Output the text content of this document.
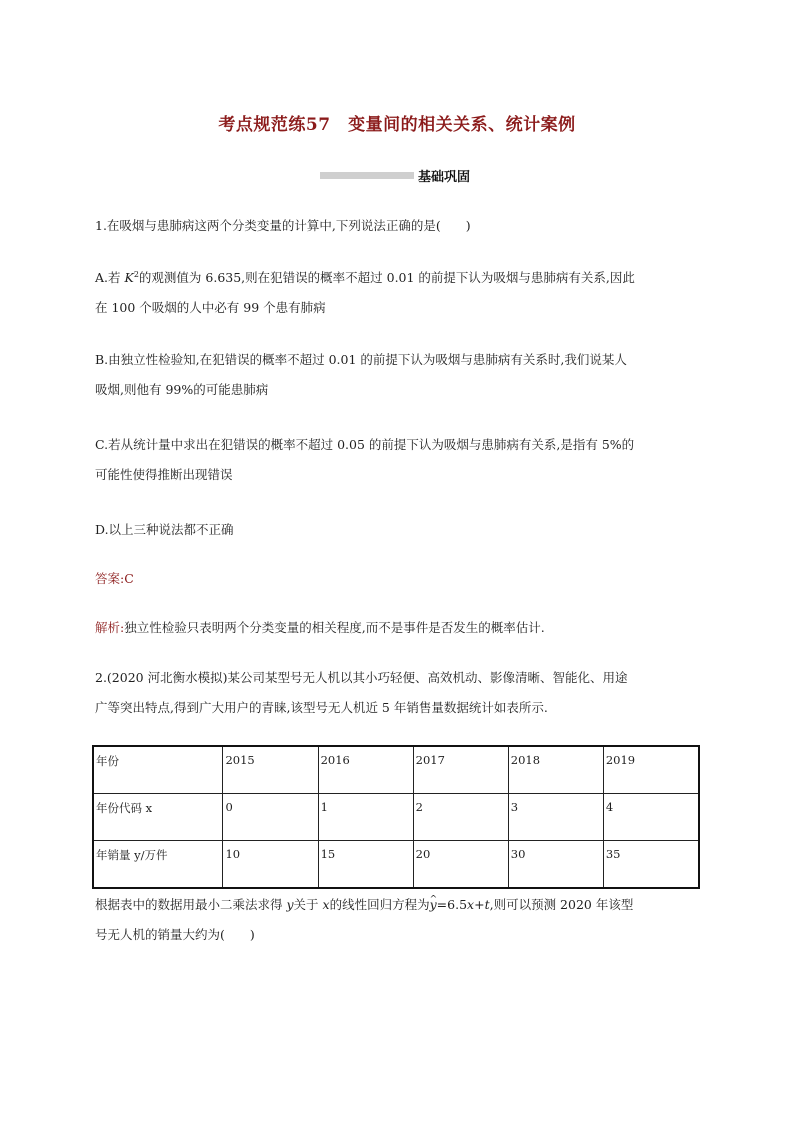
考点规范练57　变量间的相关关系、统计案例
基础巩固
1.在吸烟与患肺病这两个分类变量的计算中,下列说法正确的是(　　)
A.若 $K^2$的观测值为 6.635,则在犯错误的概率不超过 0.01 的前提下认为吸烟与患肺病有关系,因此
在 100 个吸烟的人中必有 99 个患有肺病
B.由独立性检验知,在犯错误的概率不超过 0.01 的前提下认为吸烟与患肺病有关系时,我们说某人
吸烟,则他有 99%的可能患肺病
C.若从统计量中求出在犯错误的概率不超过 0.05 的前提下认为吸烟与患肺病有关系,是指有 5%的
可能性使得推断出现错误
D.以上三种说法都不正确
答案:C
解析:独立性检验只表明两个分类变量的相关程度,而不是事件是否发生的概率估计.
2.(2020 河北衡水模拟)某公司某型号无人机以其小巧轻便、高效机动、影像清晰、智能化、用途
广等突出特点,得到广大用户的青睐,该型号无人机近 5 年销售量数据统计如表所示.
年份	2015	2016	2017	2018	2019
年份代码 x	0	1	2	3	4
年销量 y/万件	10	15	20	30	35
根据表中的数据用最小二乘法求得 y关于 x的线性回归方程为^ y=6.5x+t,则可以预测 2020 年该型
号无人机的销量大约为(　　)
